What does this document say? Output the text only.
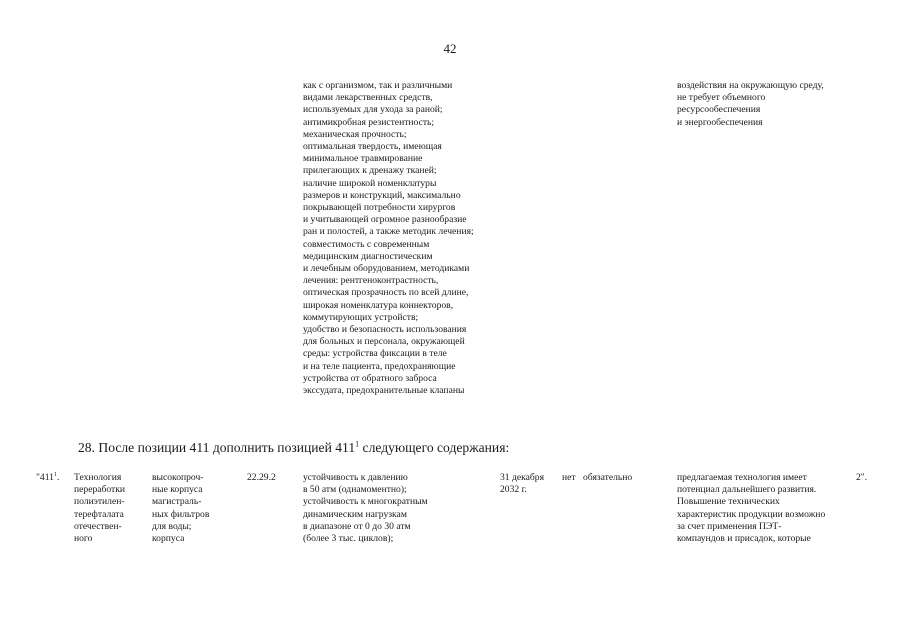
42
как с организмом, так и различными
видами лекарственных средств,
используемых для ухода за раной;
антимикробная резистентность;
механическая прочность;
оптимальная твердость, имеющая
минимальное травмирование
прилегающих к дренажу тканей;
наличие широкой номенклатуры
размеров и конструкций, максимально
покрывающей потребности хирургов
и учитывающей огромное разнообразие
ран и полостей, а также методик лечения;
совместимость с современным
медицинским диагностическим
и лечебным оборудованием, методиками
лечения: рентгеноконтрастность,
оптическая прозрачность по всей длине,
широкая номенклатура коннекторов,
коммутирующих устройств;
удобство и безопасность использования
для больных и персонала, окружающей
среды: устройства фиксации в теле
и на теле пациента, предохраняющие
устройства от обратного заброса
экссудата, предохранительные клапаны
воздействия на окружающую среду,
не требует объемного
ресурсообеспечения
и энергообеспечения
28. После позиции 411 дополнить позицией $411^1$ следующего содержания:
"$411^1$. Технология
переработки
полиэтилен-
терефталата
отечествен-
ного
высокопроч-
ные корпуса
магистраль-
ных фильтров
для воды;
корпуса
22.29.2	устойчивость к давлению
в 50 атм (однамоментно);
устойчивость к многократным
динамическим нагрузкам
в диапазоне от 0 до 30 атм
(более 3 тыс. циклов);
31 декабря
2032 г.
нет обязательно	предлагаемая технология имеет
потенциал дальнейшего развития.
Повышение технических
характеристик продукции возможно
за счет применения ПЭТ-
компаундов и присадок, которые
2".
